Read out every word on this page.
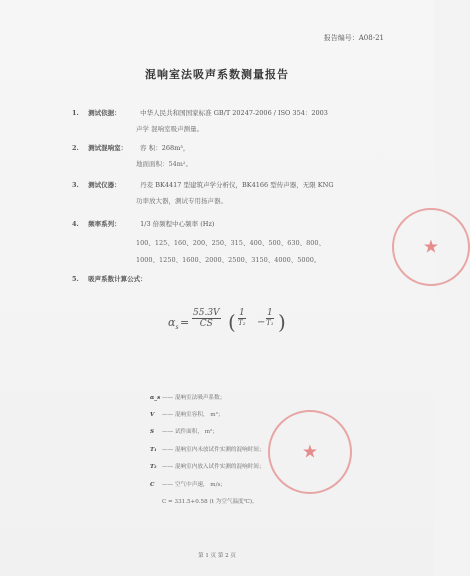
报告编号：A08-21
混响室法吸声系数测量报告
1. 测试依据：	中华人民共和国国家标准 GB/T 20247-2006 / ISO 354：2003
声学 混响室吸声测量。
2. 测试混响室： 容 积：268m³，
地面面积：54m²。
3. 测试仪器：	丹麦 BK4417 型建筑声学分析仪，BK4166 型传声器，无限 KNG
功率放大器，测试专用扬声器。
4. 频率系列：	1/3 倍频程中心频率 (Hz)
100、125、160、200、250、315、400、500、630、800、
1000、1250、1600、2000、2500、3150、4000、5000。
5. 吸声系数计算公式：
$\alpha_s = \frac{55.3V}{CS}$ ( 1
T₂ −
1
T₁ )
α_s —— 混响室法吸声系数；
V —— 混响室容积， m³；
S —— 试件面积， m²；
T₁ —— 混响室内未放试件实测的混响时间；
T₂ —— 混响室内放入试件实测的混响时间；
C —— 空气中声速， m/s；
C = 331.5+0.58 (t 为空气温度℃)。
★
★
第 1 页 第 2 页
